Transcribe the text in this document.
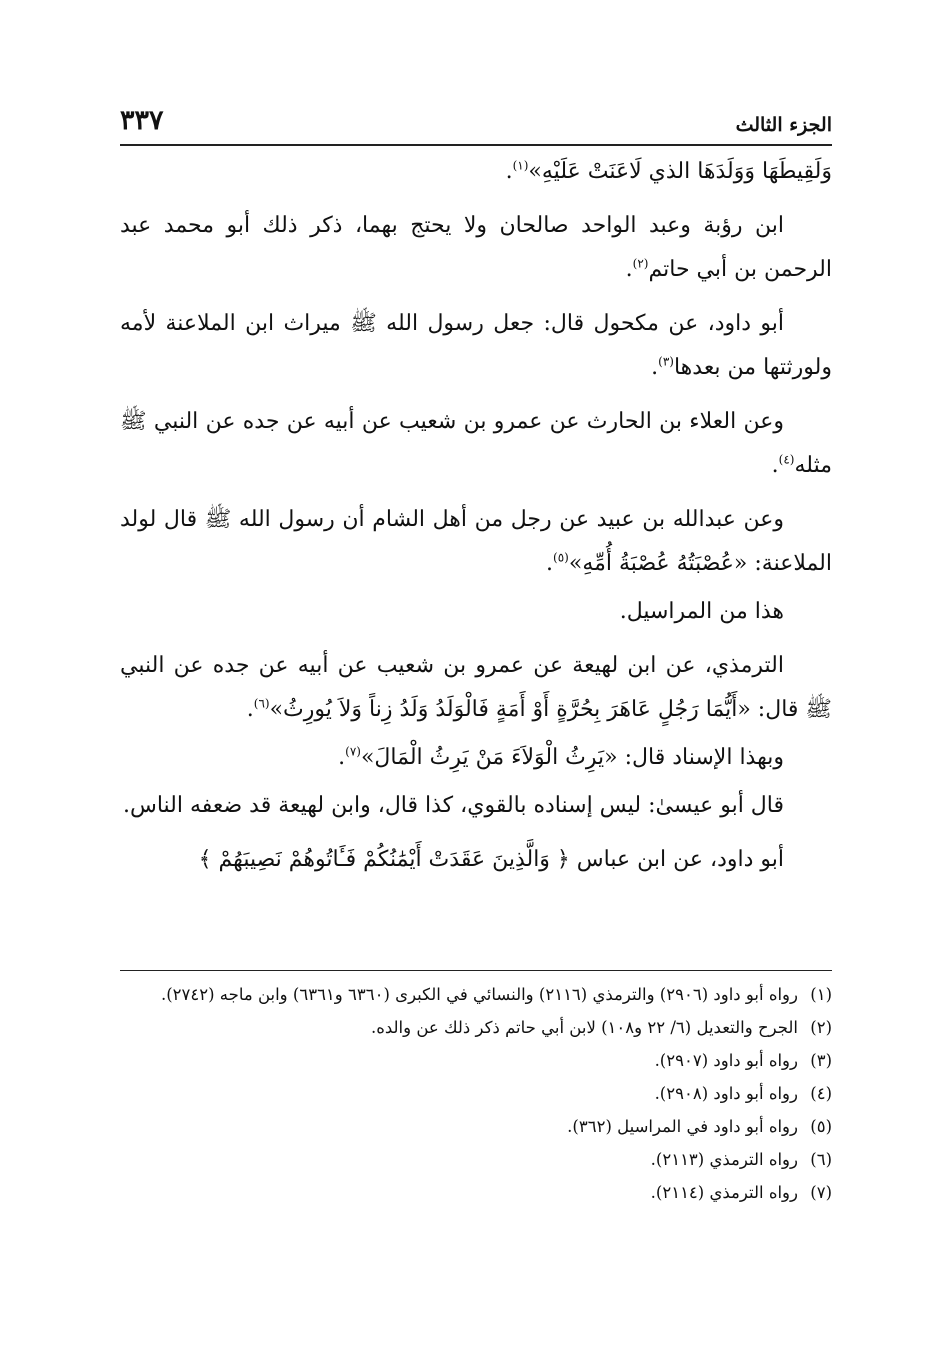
الجزء الثالث
٣٣٧

وَلَقِيطَهَا وَوَلَدَهَا الذي لَاعَنَتْ عَلَيْهِ»$^{(١)}$.

ابن رؤبة وعبد الواحد صالحان ولا يحتج بهما، ذكر ذلك أبو محمد عبد الرحمن بن أبي حاتم$^{(٢)}$.

أبو داود، عن مكحول قال: جعل رسول الله ﷺ ميراث ابن الملاعنة لأمه ولورثتها من بعدها$^{(٣)}$.

وعن العلاء بن الحارث عن عمرو بن شعيب عن أبيه عن جده عن النبي ﷺ مثله$^{(٤)}$.

وعن عبدالله بن عبيد عن رجل من أهل الشام أن رسول الله ﷺ قال لولد الملاعنة: «عُصْبَتُهُ عُصْبَةُ أُمِّهِ»$^{(٥)}$.

هذا من المراسيل.

الترمذي، عن ابن لهيعة عن عمرو بن شعيب عن أبيه عن جده عن النبي ﷺ قال: «أَيُّمَا رَجُلٍ عَاهَرَ بِحُرَّةٍ أَوْ أَمَةٍ فَالْوَلَدُ وَلَدُ زِناً وَلاَ يُورِثُ»$^{(٦)}$.

وبهذا الإسناد قال: «يَرِثُ الْوَلاَءَ مَنْ يَرِثُ الْمَالَ»$^{(٧)}$.

قال أبو عيسىٰ: ليس إسناده بالقوي، كذا قال، وابن لهيعة قد ضعفه الناس.

أبو داود، عن ابن عباس ﴿ وَالَّذِينَ عَقَدَتْ أَيْمَٰنُكُمْ فَـَٔاتُوهُمْ نَصِيبَهُمْ ﴾

(١)
رواه أبو داود (٢٩٠٦) والترمذي (٢١١٦) والنسائي في الكبرى (٦٣٦٠ و٦٣٦١) وابن ماجه (٢٧٤٢).
(٢)
الجرح والتعديل (٦/ ٢٢ و١٠٨) لابن أبي حاتم ذكر ذلك عن والده.
(٣)
رواه أبو داود (٢٩٠٧).
(٤)
رواه أبو داود (٢٩٠٨).
(٥)
رواه أبو داود في المراسيل (٣٦٢).
(٦)
رواه الترمذي (٢١١٣).
(٧)
رواه الترمذي (٢١١٤).
